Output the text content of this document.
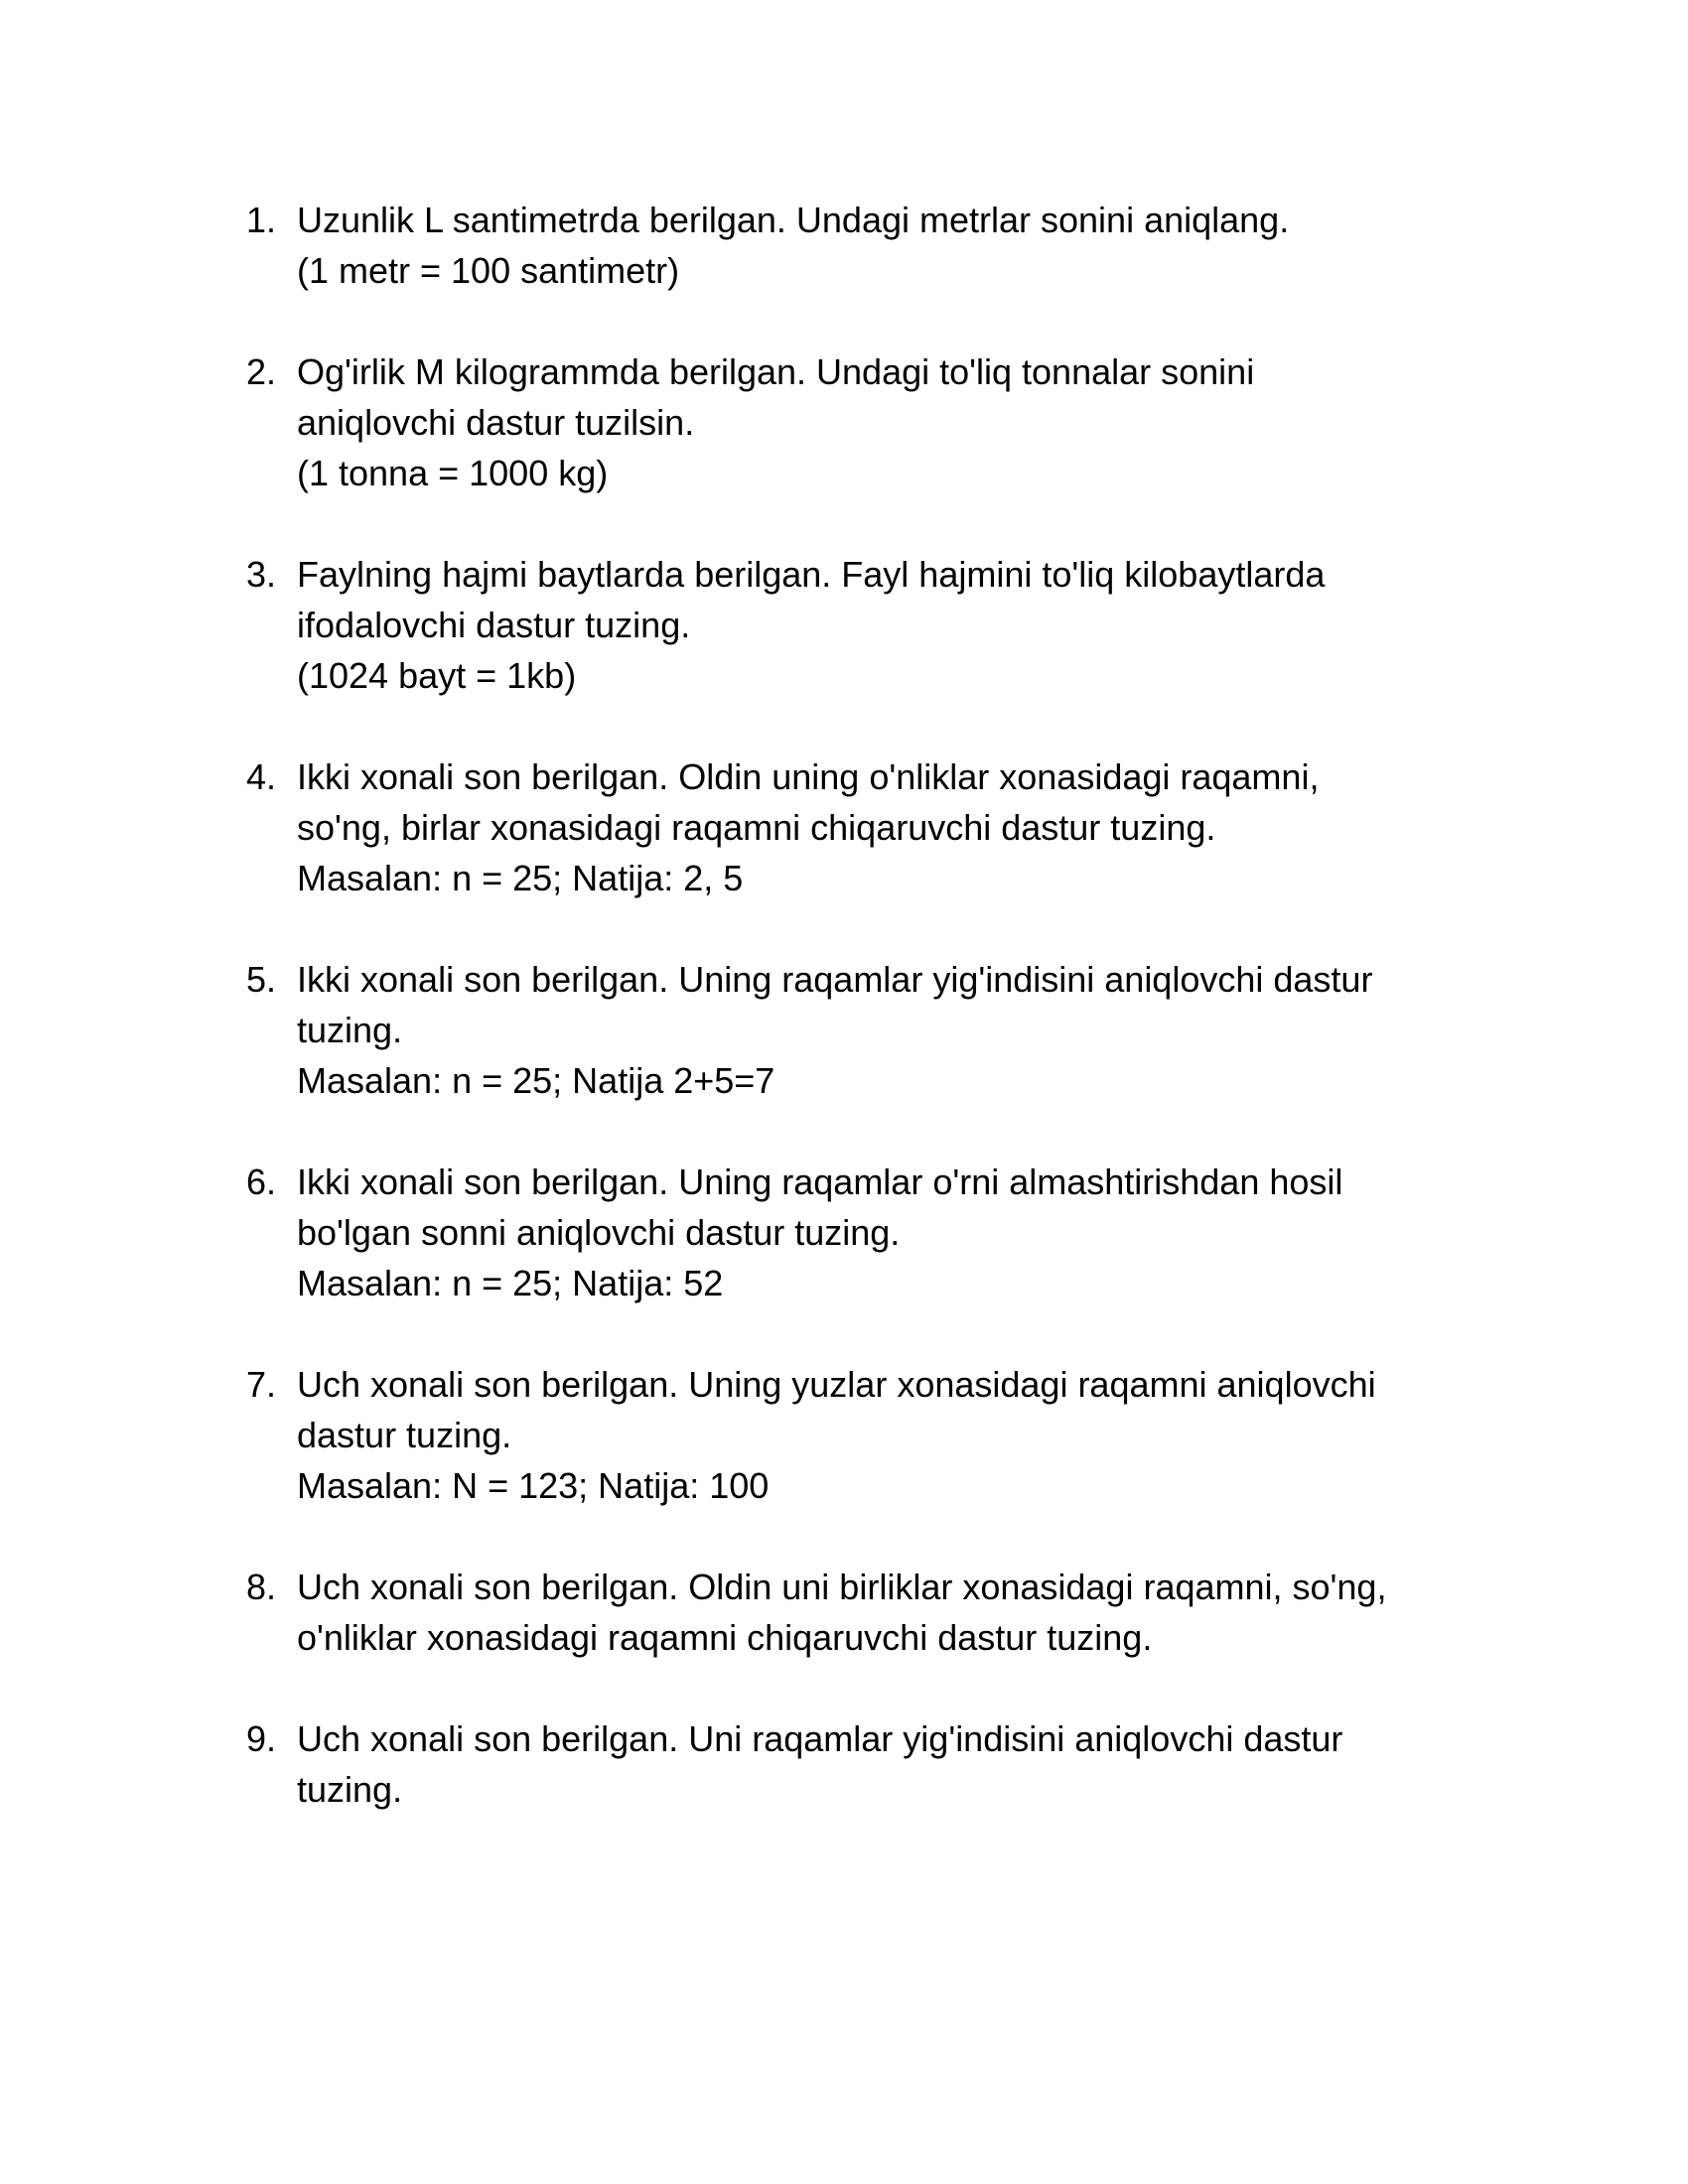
1. Uzunlik L santimetrda berilgan. Undagi metrlar sonini aniqlang.
(1 metr = 100 santimetr)
2. Og'irlik M kilogrammda berilgan. Undagi to'liq tonnalar sonini
aniqlovchi dastur tuzilsin.
(1 tonna = 1000 kg)
3. Faylning hajmi baytlarda berilgan. Fayl hajmini to'liq kilobaytlarda
ifodalovchi dastur tuzing.
(1024 bayt = 1kb)
4. Ikki xonali son berilgan. Oldin uning o'nliklar xonasidagi raqamni,
so'ng, birlar xonasidagi raqamni chiqaruvchi dastur tuzing.
Masalan: n = 25; Natija: 2, 5
5. Ikki xonali son berilgan. Uning raqamlar yig'indisini aniqlovchi dastur
tuzing.
Masalan: n = 25; Natija 2+5=7
6. Ikki xonali son berilgan. Uning raqamlar o'rni almashtirishdan hosil
bo'lgan sonni aniqlovchi dastur tuzing.
Masalan: n = 25; Natija: 52
7. Uch xonali son berilgan. Uning yuzlar xonasidagi raqamni aniqlovchi
dastur tuzing.
Masalan: N = 123; Natija: 100
8. Uch xonali son berilgan. Oldin uni birliklar xonasidagi raqamni, so'ng,
o'nliklar xonasidagi raqamni chiqaruvchi dastur tuzing.
9. Uch xonali son berilgan. Uni raqamlar yig'indisini aniqlovchi dastur
tuzing.
